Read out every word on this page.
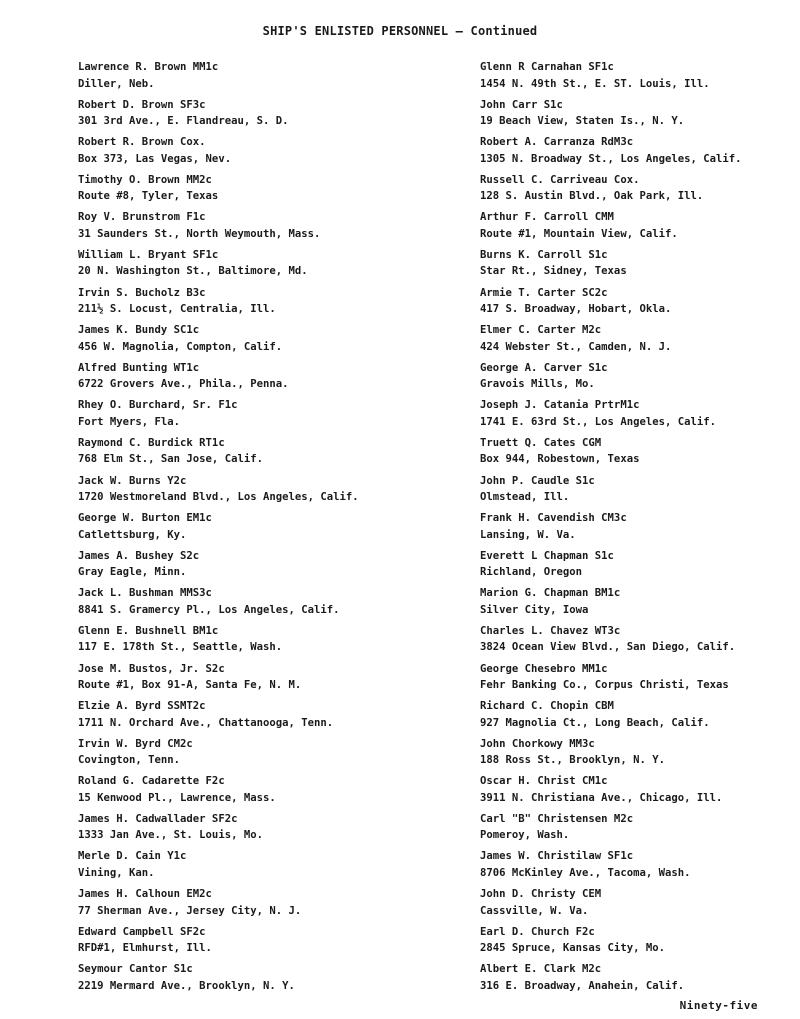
SHIP'S ENLISTED PERSONNEL — Continued
Lawrence R. Brown MM1c
Diller, Neb.
Robert D. Brown SF3c
301 3rd Ave., E. Flandreau, S. D.
Robert R. Brown Cox.
Box 373, Las Vegas, Nev.
Timothy O. Brown MM2c
Route #8, Tyler, Texas
Roy V. Brunstrom F1c
31 Saunders St., North Weymouth, Mass.
William L. Bryant SF1c
20 N. Washington St., Baltimore, Md.
Irvin S. Bucholz B3c
211½ S. Locust, Centralia, Ill.
James K. Bundy SC1c
456 W. Magnolia, Compton, Calif.
Alfred Bunting WT1c
6722 Grovers Ave., Phila., Penna.
Rhey O. Burchard, Sr. F1c
Fort Myers, Fla.
Raymond C. Burdick RT1c
768 Elm St., San Jose, Calif.
Jack W. Burns Y2c
1720 Westmoreland Blvd., Los Angeles, Calif.
George W. Burton EM1c
Catlettsburg, Ky.
James A. Bushey S2c
Gray Eagle, Minn.
Jack L. Bushman MMS3c
8841 S. Gramercy Pl., Los Angeles, Calif.
Glenn E. Bushnell BM1c
117 E. 178th St., Seattle, Wash.
Jose M. Bustos, Jr. S2c
Route #1, Box 91-A, Santa Fe, N. M.
Elzie A. Byrd SSMT2c
1711 N. Orchard Ave., Chattanooga, Tenn.
Irvin W. Byrd CM2c
Covington, Tenn.
Roland G. Cadarette F2c
15 Kenwood Pl., Lawrence, Mass.
James H. Cadwallader SF2c
1333 Jan Ave., St. Louis, Mo.
Merle D. Cain Y1c
Vining, Kan.
James H. Calhoun EM2c
77 Sherman Ave., Jersey City, N. J.
Edward Campbell SF2c
RFD#1, Elmhurst, Ill.
Seymour Cantor S1c
2219 Mermard Ave., Brooklyn, N. Y.
Glenn R Carnahan SF1c
1454 N. 49th St., E. ST. Louis, Ill.
John Carr S1c
19 Beach View, Staten Is., N. Y.
Robert A. Carranza RdM3c
1305 N. Broadway St., Los Angeles, Calif.
Russell C. Carriveau Cox.
128 S. Austin Blvd., Oak Park, Ill.
Arthur F. Carroll CMM
Route #1, Mountain View, Calif.
Burns K. Carroll S1c
Star Rt., Sidney, Texas
Armie T. Carter SC2c
417 S. Broadway, Hobart, Okla.
Elmer C. Carter M2c
424 Webster St., Camden, N. J.
George A. Carver S1c
Gravois Mills, Mo.
Joseph J. Catania PrtrM1c
1741 E. 63rd St., Los Angeles, Calif.
Truett Q. Cates CGM
Box 944, Robestown, Texas
John P. Caudle S1c
Olmstead, Ill.
Frank H. Cavendish CM3c
Lansing, W. Va.
Everett L Chapman S1c
Richland, Oregon
Marion G. Chapman BM1c
Silver City, Iowa
Charles L. Chavez WT3c
3824 Ocean View Blvd., San Diego, Calif.
George Chesebro MM1c
Fehr Banking Co., Corpus Christi, Texas
Richard C. Chopin CBM
927 Magnolia Ct., Long Beach, Calif.
John Chorkowy MM3c
188 Ross St., Brooklyn, N. Y.
Oscar H. Christ CM1c
3911 N. Christiana Ave., Chicago, Ill.
Carl "B" Christensen M2c
Pomeroy, Wash.
James W. Christilaw SF1c
8706 McKinley Ave., Tacoma, Wash.
John D. Christy CEM
Cassville, W. Va.
Earl D. Church F2c
2845 Spruce, Kansas City, Mo.
Albert E. Clark M2c
316 E. Broadway, Anahein, Calif.
Ninety-five
